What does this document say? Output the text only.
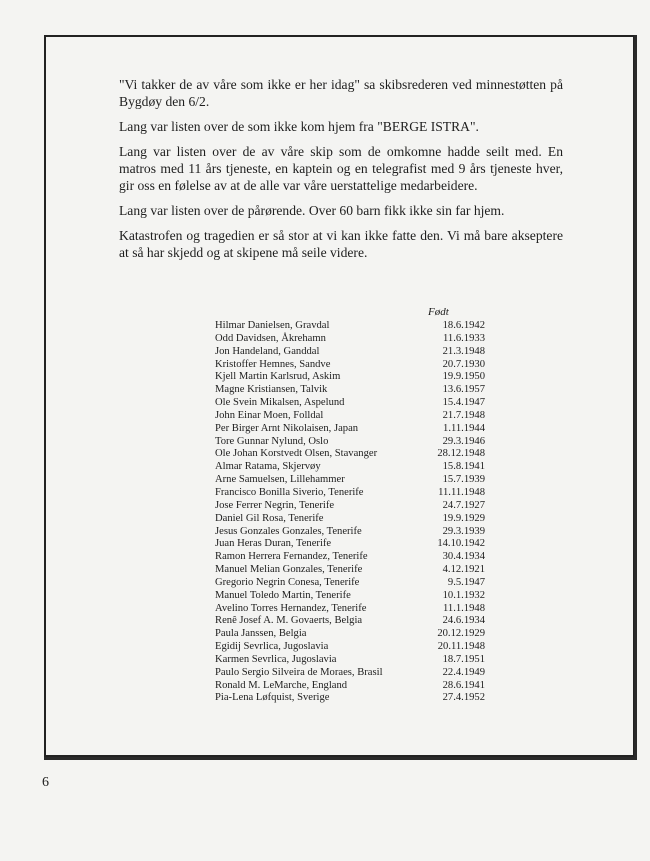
"Vi takker de av våre som ikke er her idag" sa skibsrederen ved minnestøtten på Bygdøy den 6/2.

Lang var listen over de som ikke kom hjem fra "BERGE ISTRA".

Lang var listen over de av våre skip som de omkomne hadde seilt med. En matros med 11 års tjeneste, en kaptein og en telegrafist med 9 års tjeneste hver, gir oss en følelse av at de alle var våre uerstattelige medarbeidere.

Lang var listen over de pårørende. Over 60 barn fikk ikke sin far hjem.

Katastrofen og tragedien er så stor at vi kan ikke fatte den. Vi må bare akseptere at så har skjedd og at skipene må seile videre.

Født
Hilmar Danielsen, Gravdal	18.6.1942
Odd Davidsen, Åkrehamn	11.6.1933
Jon Handeland, Ganddal	21.3.1948
Kristoffer Hemnes, Sandve	20.7.1930
Kjell Martin Karlsrud, Askim	19.9.1950
Magne Kristiansen, Talvik	13.6.1957
Ole Svein Mikalsen, Aspelund	15.4.1947
John Einar Moen, Folldal	21.7.1948
Per Birger Arnt Nikolaisen, Japan	1.11.1944
Tore Gunnar Nylund, Oslo	29.3.1946
Ole Johan Korstvedt Olsen, Stavanger	28.12.1948
Almar Ratama, Skjervøy	15.8.1941
Arne Samuelsen, Lillehammer	15.7.1939
Francisco Bonilla Siverio, Tenerife	11.11.1948
Jose Ferrer Negrin, Tenerife	24.7.1927
Daniel Gil Rosa, Tenerife	19.9.1929
Jesus Gonzales Gonzales, Tenerife	29.3.1939
Juan Heras Duran, Tenerife	14.10.1942
Ramon Herrera Fernandez, Tenerife	30.4.1934
Manuel Melian Gonzales, Tenerife	4.12.1921
Gregorio Negrin Conesa, Tenerife	9.5.1947
Manuel Toledo Martin, Tenerife	10.1.1932
Avelino Torres Hernandez, Tenerife	11.1.1948
Renê Josef A. M. Govaerts, Belgia	24.6.1934
Paula Janssen, Belgia	20.12.1929
Egidij Sevrlica, Jugoslavia	20.11.1948
Karmen Sevrlica, Jugoslavia	18.7.1951
Paulo Sergio Silveira de Moraes, Brasil	22.4.1949
Ronald M. LeMarche, England	28.6.1941
Pia-Lena Løfquist, Sverige	27.4.1952
6
